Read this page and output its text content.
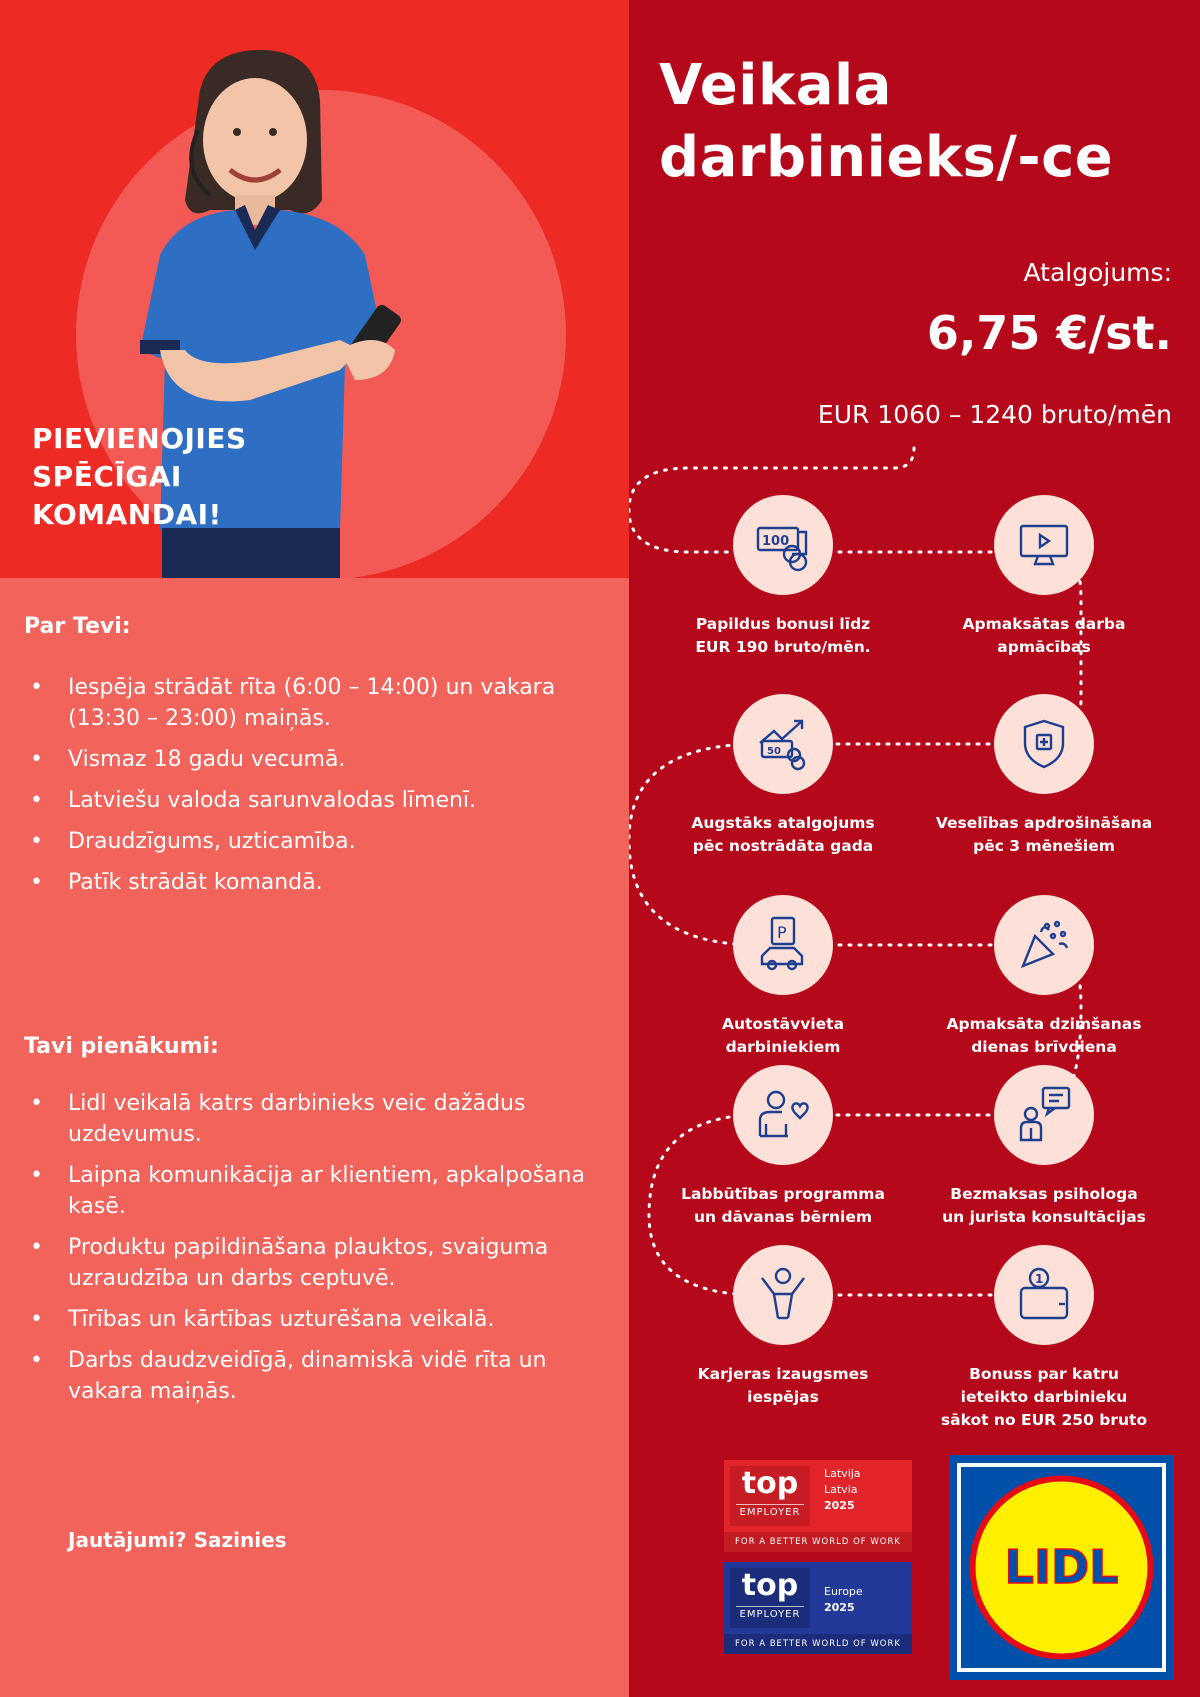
PIEVIENOJIES
SPĒCĪGAI
KOMANDAI!
Par Tevi:
• Iespēja strādāt rīta (6:00 – 14:00) un vakara (13:30 – 23:00) maiņās.
• Vismaz 18 gadu vecumā.
• Latviešu valoda sarunvalodas līmenī.
• Draudzīgums, uzticamība.
• Patīk strādāt komandā.
Tavi pienākumi:
• Lidl veikalā katrs darbinieks veic dažādus uzdevumus.
• Laipna komunikācija ar klientiem, apkalpošana kasē.
• Produktu papildināšana plauktos, svaiguma uzraudzība un darbs ceptuvē.
• Tīrības un kārtības uzturēšana veikalā.
• Darbs daudzveidīgā, dinamiskā vidē rīta un vakara maiņās.

Jautājumi? Sazinies

Veikala
darbinieks/-ce

Atalgojums:

6,75 €/st.

EUR 1060 – 1240 bruto/mēn

100
Papildus bonusi līdz
EUR 190 bruto/mēn.
Apmaksātas darba
apmācības
50
Augstāks atalgojums
pēc nostrādāta gada
Veselības apdrošināšana
pēc 3 mēnešiem
P
Autostāvvieta
darbiniekiem
Apmaksāta dzimšanas
dienas brīvdiena
Labbūtības programma
un dāvanas bērniem
Bezmaksas psihologa
un jurista konsultācijas
Karjeras izaugsmes
iespējas
1
Bonuss par katru
ieteikto darbinieku
sākot no EUR 250 bruto
top
EMPLOYER
Latvija
Latvia
2025
FOR A BETTER WORLD OF WORK
top
EMPLOYER
Europe
2025
FOR A BETTER WORLD OF WORK
LIDL
